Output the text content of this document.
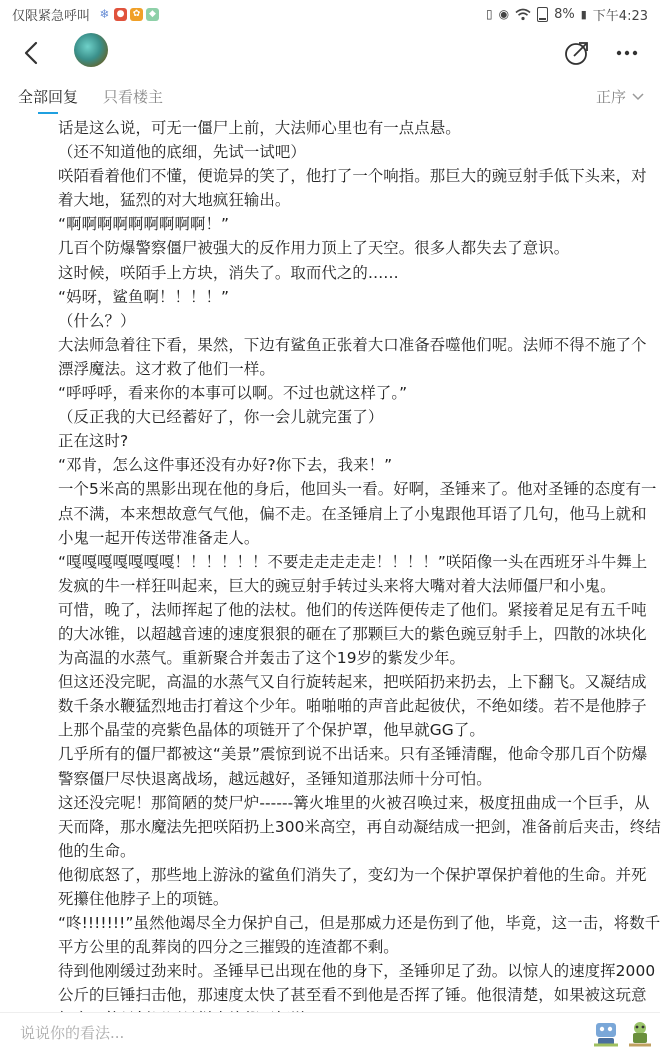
仅限紧急呼叫 ❄ ● ✿ ◆	▯ ◉	8% ▮ 下午4:23
全部回复 只看楼主	正序

话是这么说，可无一僵尸上前，大法师心里也有一点点悬。

（还不知道他的底细，先试一试吧）

咲陌看着他们不懂，便诡异的笑了，他打了一个响指。那巨大的豌豆射手低下头来，对着大地，猛烈的对大地疯狂输出。

“啊啊啊啊啊啊啊啊啊！”

几百个防爆警察僵尸被强大的反作用力顶上了天空。很多人都失去了意识。

这时候，咲陌手上方块，消失了。取而代之的……

“妈呀，鲨鱼啊！！！！”

（什么？）

大法师急着往下看，果然，下边有鲨鱼正张着大口准备吞噬他们呢。法师不得不施了个漂浮魔法。这才救了他们一样。

“呼呼呼，看来你的本事可以啊。不过也就这样了。”

（反正我的大已经蓄好了，你一会儿就完蛋了）

正在这时?

“邓肯，怎么这件事还没有办好?你下去，我来！”

一个5米高的黑影出现在他的身后，他回头一看。好啊，圣锤来了。他对圣锤的态度有一点不满，本来想故意气气他，偏不走。在圣锤肩上了小鬼跟他耳语了几句，他马上就和小鬼一起开传送带准备走人。

“嘎嘎嘎嘎嘎嘎嘎！！！！！！不要走走走走走！！！！”咲陌像一头在西班牙斗牛舞上发疯的牛一样狂叫起来，巨大的豌豆射手转过头来将大嘴对着大法师僵尸和小鬼。

可惜，晚了，法师挥起了他的法杖。他们的传送阵便传走了他们。紧接着足足有五千吨的大冰锥，以超越音速的速度狠狠的砸在了那颗巨大的紫色豌豆射手上，四散的冰块化为高温的水蒸气。重新聚合并轰击了这个19岁的紫发少年。

但这还没完昵，高温的水蒸气又自行旋转起来，把咲陌扔来扔去，上下翻飞。又凝结成数千条水鞭猛烈地击打着这个少年。啪啪啪的声音此起彼伏，不绝如缕。若不是他脖子上那个晶莹的亮紫色晶体的项链开了个保护罩，他早就GG了。

几乎所有的僵尸都被这“美景”震惊到说不出话来。只有圣锤清醒，他命令那几百个防爆警察僵尸尽快退离战场，越远越好，圣锤知道那法师十分可怕。

这还没完呢！那简陋的焚尸炉------篝火堆里的火被召唤过来，极度扭曲成一个巨手，从天而降，那水魔法先把咲陌扔上300米高空，再自动凝结成一把剑，准备前后夹击，终结他的生命。

他彻底怒了，那些地上游泳的鲨鱼们消失了，变幻为一个保护罩保护着他的生命。并死死攥住他脖子上的项链。

“咚!!!!!!!”虽然他竭尽全力保护自己，但是那威力还是伤到了他，毕竟，这一击，将数千平方公里的乱葬岗的四分之三摧毁的连渣都不剩。

待到他刚缓过劲来时。圣锤早已出现在他的身下，圣锤卯足了劲。以惊人的速度挥2000公斤的巨锤扫击他，那速度太快了甚至看不到他是否挥了锤。他很清楚，如果被这玩意

说说你的看法...
